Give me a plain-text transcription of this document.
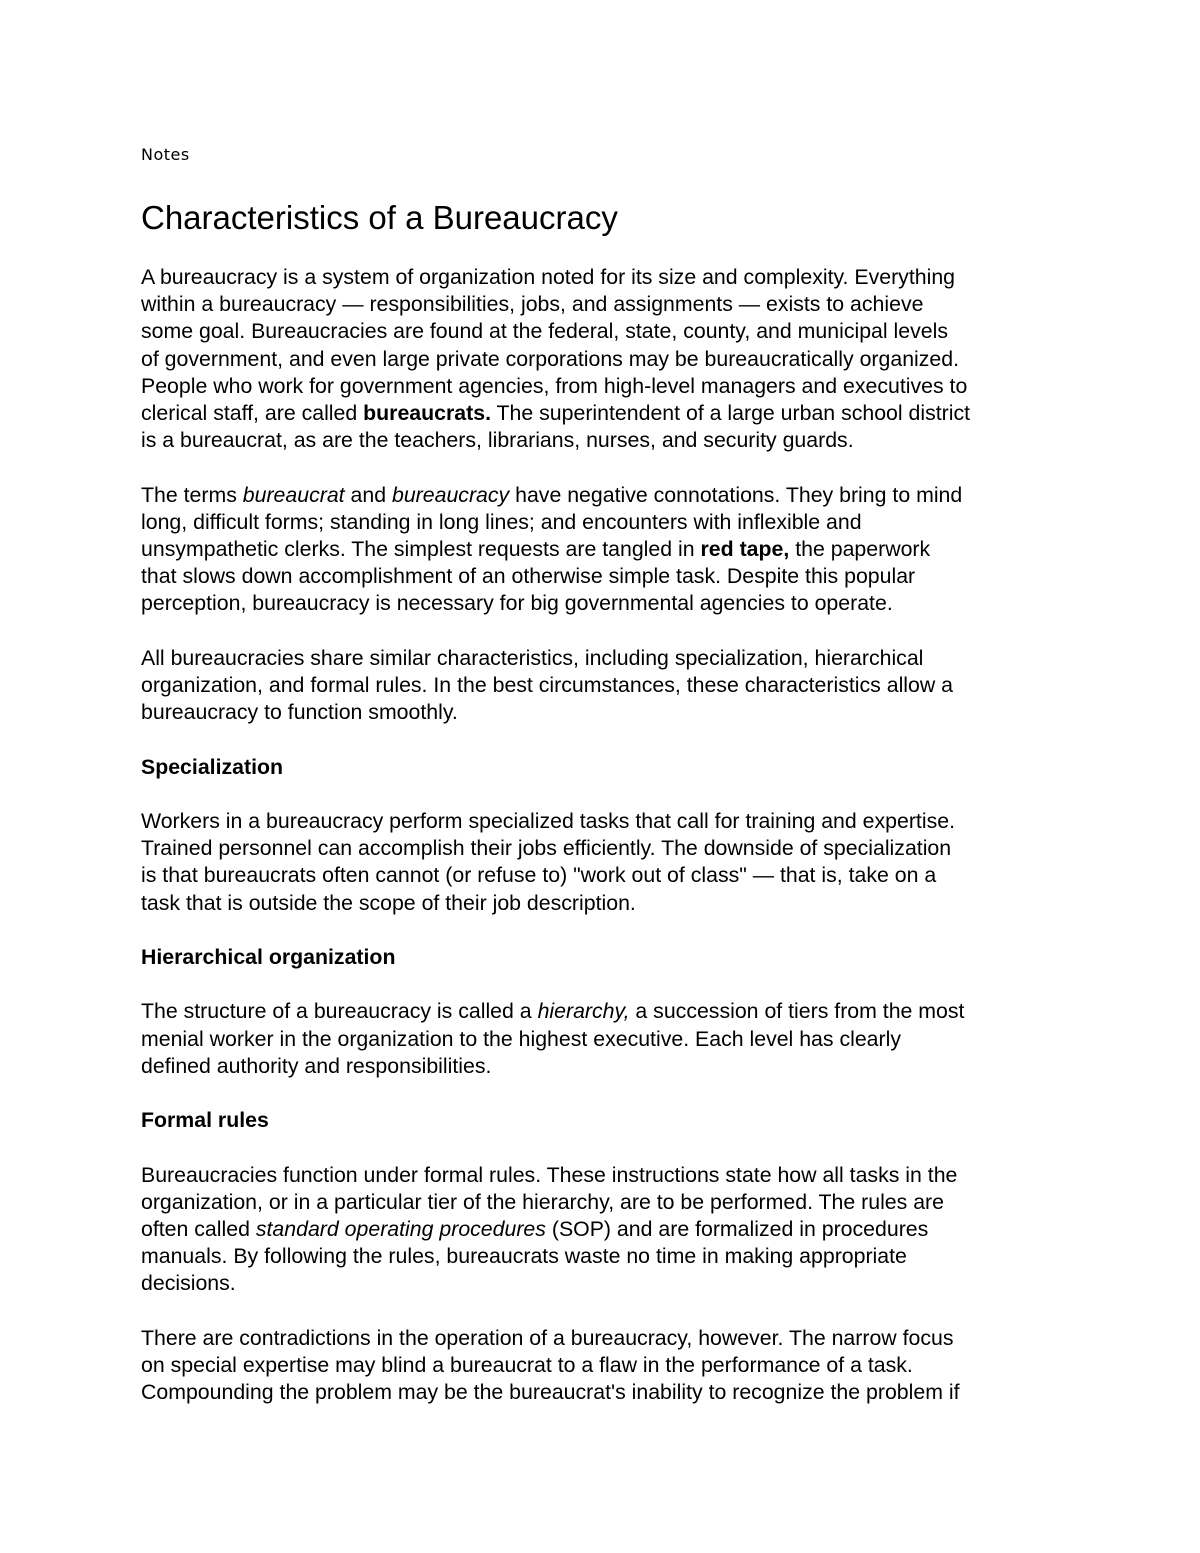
Notes
Characteristics of a Bureaucracy

A bureaucracy is a system of organization noted for its size and complexity. Everything
within a bureaucracy — responsibilities, jobs, and assignments — exists to achieve
some goal. Bureaucracies are found at the federal, state, county, and municipal levels
of government, and even large private corporations may be bureaucratically organized.
People who work for government agencies, from high-level managers and executives to
clerical staff, are called bureaucrats. The superintendent of a large urban school district
is a bureaucrat, as are the teachers, librarians, nurses, and security guards.

The terms bureaucrat and bureaucracy have negative connotations. They bring to mind
long, difficult forms; standing in long lines; and encounters with inflexible and
unsympathetic clerks. The simplest requests are tangled in red tape, the paperwork
that slows down accomplishment of an otherwise simple task. Despite this popular
perception, bureaucracy is necessary for big governmental agencies to operate.

All bureaucracies share similar characteristics, including specialization, hierarchical
organization, and formal rules. In the best circumstances, these characteristics allow a
bureaucracy to function smoothly.

Specialization

Workers in a bureaucracy perform specialized tasks that call for training and expertise.
Trained personnel can accomplish their jobs efficiently. The downside of specialization
is that bureaucrats often cannot (or refuse to) "work out of class" — that is, take on a
task that is outside the scope of their job description.

Hierarchical organization

The structure of a bureaucracy is called a hierarchy, a succession of tiers from the most
menial worker in the organization to the highest executive. Each level has clearly
defined authority and responsibilities.

Formal rules

Bureaucracies function under formal rules. These instructions state how all tasks in the
organization, or in a particular tier of the hierarchy, are to be performed. The rules are
often called standard operating procedures (SOP) and are formalized in procedures
manuals. By following the rules, bureaucrats waste no time in making appropriate
decisions.

There are contradictions in the operation of a bureaucracy, however. The narrow focus
on special expertise may blind a bureaucrat to a flaw in the performance of a task.
Compounding the problem may be the bureaucrat's inability to recognize the problem if
